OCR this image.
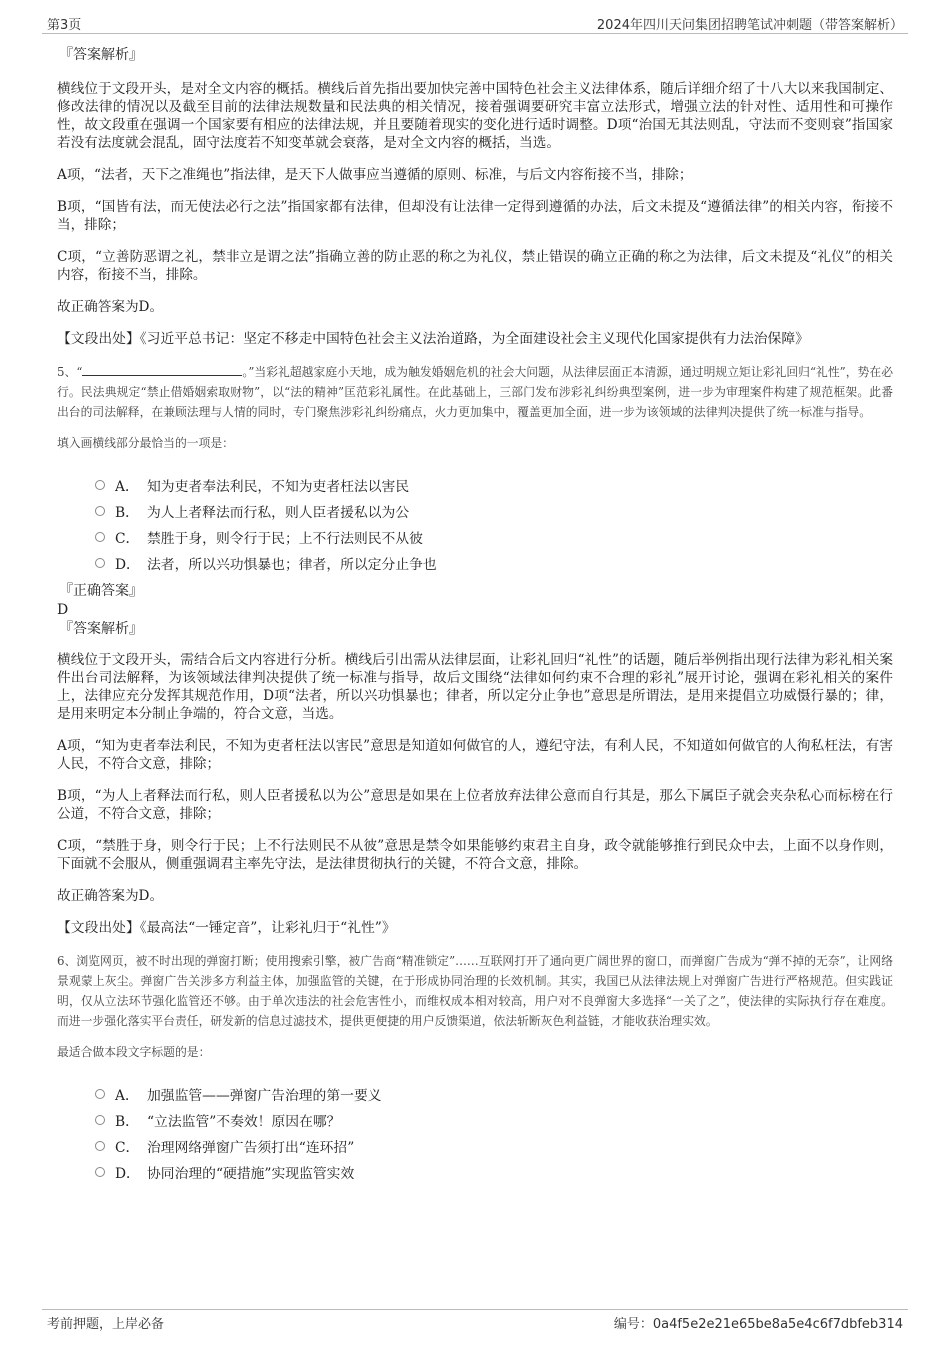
第3页	2024年四川天问集团招聘笔试冲刺题（带答案解析）

『答案解析』

横线位于文段开头，是对全文内容的概括。横线后首先指出要加快完善中国特色社会主义法律体系，随后详细介绍了十八大以来我国制定、修改法律的情况以及截至目前的法律法规数量和民法典的相关情况，接着强调要研究丰富立法形式，增强立法的针对性、适用性和可操作性，故文段重在强调一个国家要有相应的法律法规，并且要随着现实的变化进行适时调整。D项“治国无其法则乱，守法而不变则衰”指国家若没有法度就会混乱，固守法度若不知变革就会衰落，是对全文内容的概括，当选。

A项，“法者，天下之准绳也”指法律，是天下人做事应当遵循的原则、标准，与后文内容衔接不当，排除；

B项，“国皆有法，而无使法必行之法”指国家都有法律，但却没有让法律一定得到遵循的办法，后文未提及“遵循法律”的相关内容，衔接不当，排除；

C项，“立善防恶谓之礼，禁非立是谓之法”指确立善的防止恶的称之为礼仪，禁止错误的确立正确的称之为法律，后文未提及“礼仪”的相关内容，衔接不当，排除。

故正确答案为D。

【文段出处】《习近平总书记：坚定不移走中国特色社会主义法治道路，为全面建设社会主义现代化国家提供有力法治保障》

5、“	。”当彩礼超越家庭小天地，成为触发婚姻危机的社会大问题，从法律层面正本清源，通过明规立矩让彩礼回归“礼性”，势在必行。民法典规定“禁止借婚姻索取财物”，以“法的精神”匡范彩礼属性。在此基础上，三部门发布涉彩礼纠纷典型案例，进一步为审理案件构建了规范框架。此番出台的司法解释，在兼顾法理与人情的同时，专门聚焦涉彩礼纠纷痛点，火力更加集中，覆盖更加全面，进一步为该领域的法律判决提供了统一标准与指导。

填入画横线部分最恰当的一项是：

A． 知为吏者奉法利民，不知为吏者枉法以害民
B． 为人上者释法而行私，则人臣者援私以为公
C． 禁胜于身，则令行于民；上不行法则民不从彼
D． 法者，所以兴功惧暴也；律者，所以定分止争也

『正确答案』

D

『答案解析』

横线位于文段开头，需结合后文内容进行分析。横线后引出需从法律层面，让彩礼回归“礼性”的话题，随后举例指出现行法律为彩礼相关案件出台司法解释，为该领域法律判决提供了统一标准与指导，故后文围绕“法律如何约束不合理的彩礼”展开讨论，强调在彩礼相关的案件上，法律应充分发挥其规范作用，D项“法者，所以兴功惧暴也；律者，所以定分止争也”意思是所谓法，是用来提倡立功威慑行暴的；律，是用来明定本分制止争端的，符合文意，当选。

A项，“知为吏者奉法利民，不知为吏者枉法以害民”意思是知道如何做官的人，遵纪守法，有利人民，不知道如何做官的人徇私枉法，有害人民，不符合文意，排除；

B项，“为人上者释法而行私，则人臣者援私以为公”意思是如果在上位者放弃法律公意而自行其是，那么下属臣子就会夹杂私心而标榜在行公道，不符合文意，排除；

C项，“禁胜于身，则令行于民；上不行法则民不从彼”意思是禁令如果能够约束君主自身，政令就能够推行到民众中去，上面不以身作则，下面就不会服从，侧重强调君主率先守法，是法律贯彻执行的关键，不符合文意，排除。

故正确答案为D。

【文段出处】《最高法“一锤定音”，让彩礼归于“礼性”》

6、浏览网页，被不时出现的弹窗打断；使用搜索引擎，被广告商“精准锁定”……互联网打开了通向更广阔世界的窗口，而弹窗广告成为“弹不掉的无奈”，让网络景观蒙上灰尘。弹窗广告关涉多方利益主体，加强监管的关键，在于形成协同治理的长效机制。其实，我国已从法律法规上对弹窗广告进行严格规范。但实践证明，仅从立法环节强化监管还不够。由于单次违法的社会危害性小，而维权成本相对较高，用户对不良弹窗大多选择“一关了之”，使法律的实际执行存在难度。而进一步强化落实平台责任，研发新的信息过滤技术，提供更便捷的用户反馈渠道，依法斩断灰色利益链，才能收获治理实效。

最适合做本段文字标题的是：

A． 加强监管——弹窗广告治理的第一要义
B． “立法监管”不奏效！原因在哪？
C． 治理网络弹窗广告须打出“连环招”
D． 协同治理的“硬措施”实现监管实效
考前押题，上岸必备	编号：0a4f5e2e21e65be8a5e4c6f7dbfeb314
